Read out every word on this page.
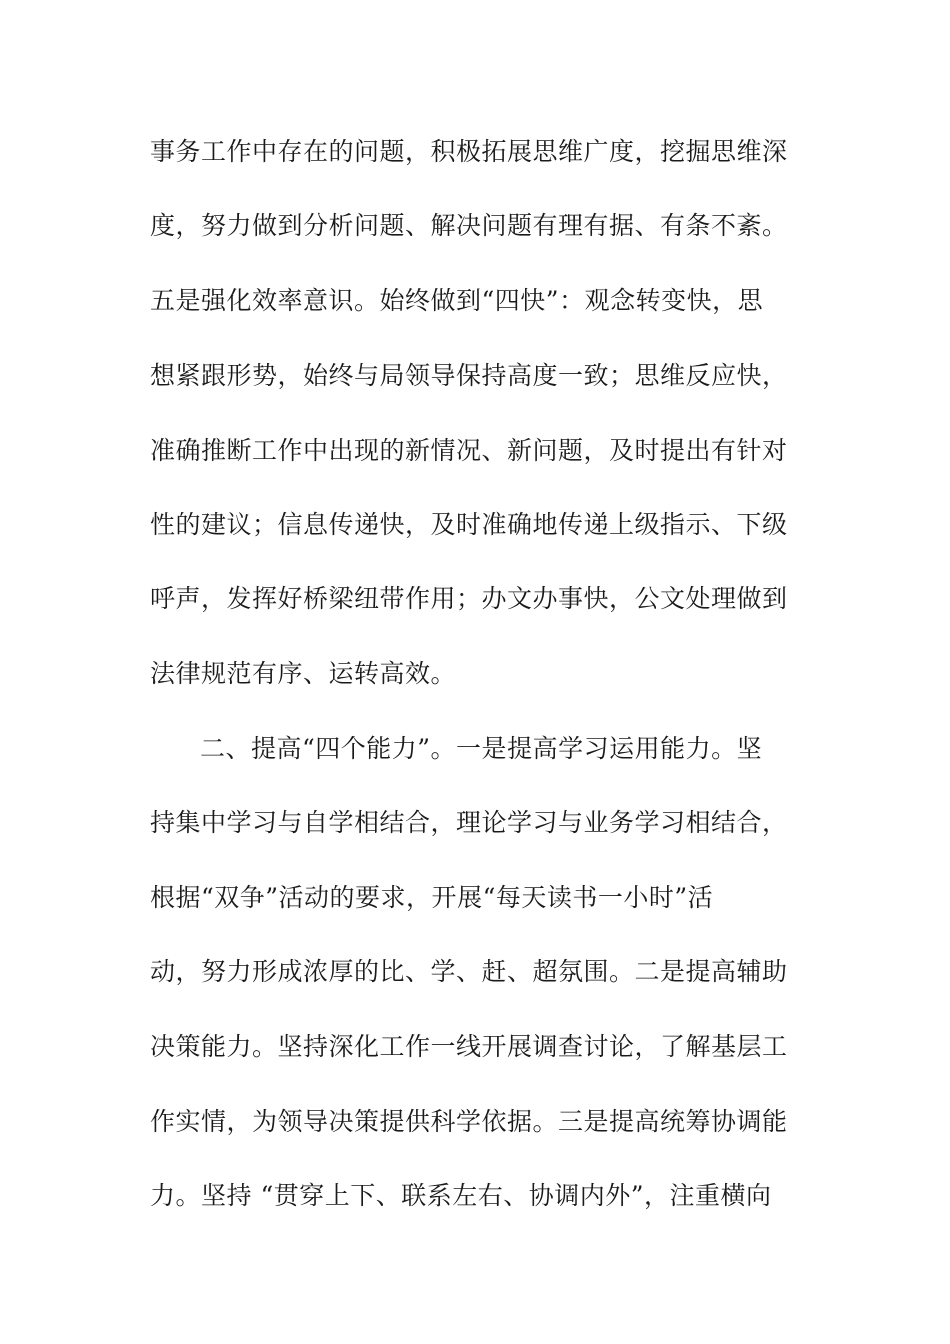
事务工作中存在的问题，积极拓展思维广度，挖掘思维深

度，努力做到分析问题、解决问题有理有据、有条不紊。

五是强化效率意识。始终做到“四快”：观念转变快，思

想紧跟形势，始终与局领导保持高度一致；思维反应快，

准确推断工作中出现的新情况、新问题，及时提出有针对

性的建议；信息传递快，及时准确地传递上级指示、下级

呼声，发挥好桥梁纽带作用；办文办事快，公文处理做到

法律规范有序、运转高效。

二、提高“四个能力”。一是提高学习运用能力。坚

持集中学习与自学相结合，理论学习与业务学习相结合，

根据“双争”活动的要求，开展“每天读书一小时”活

动，努力形成浓厚的比、学、赶、超氛围。二是提高辅助

决策能力。坚持深化工作一线开展调查讨论，了解基层工

作实情，为领导决策提供科学依据。三是提高统筹协调能

力。坚持 “贯穿上下、联系左右、协调内外”，注重横向
